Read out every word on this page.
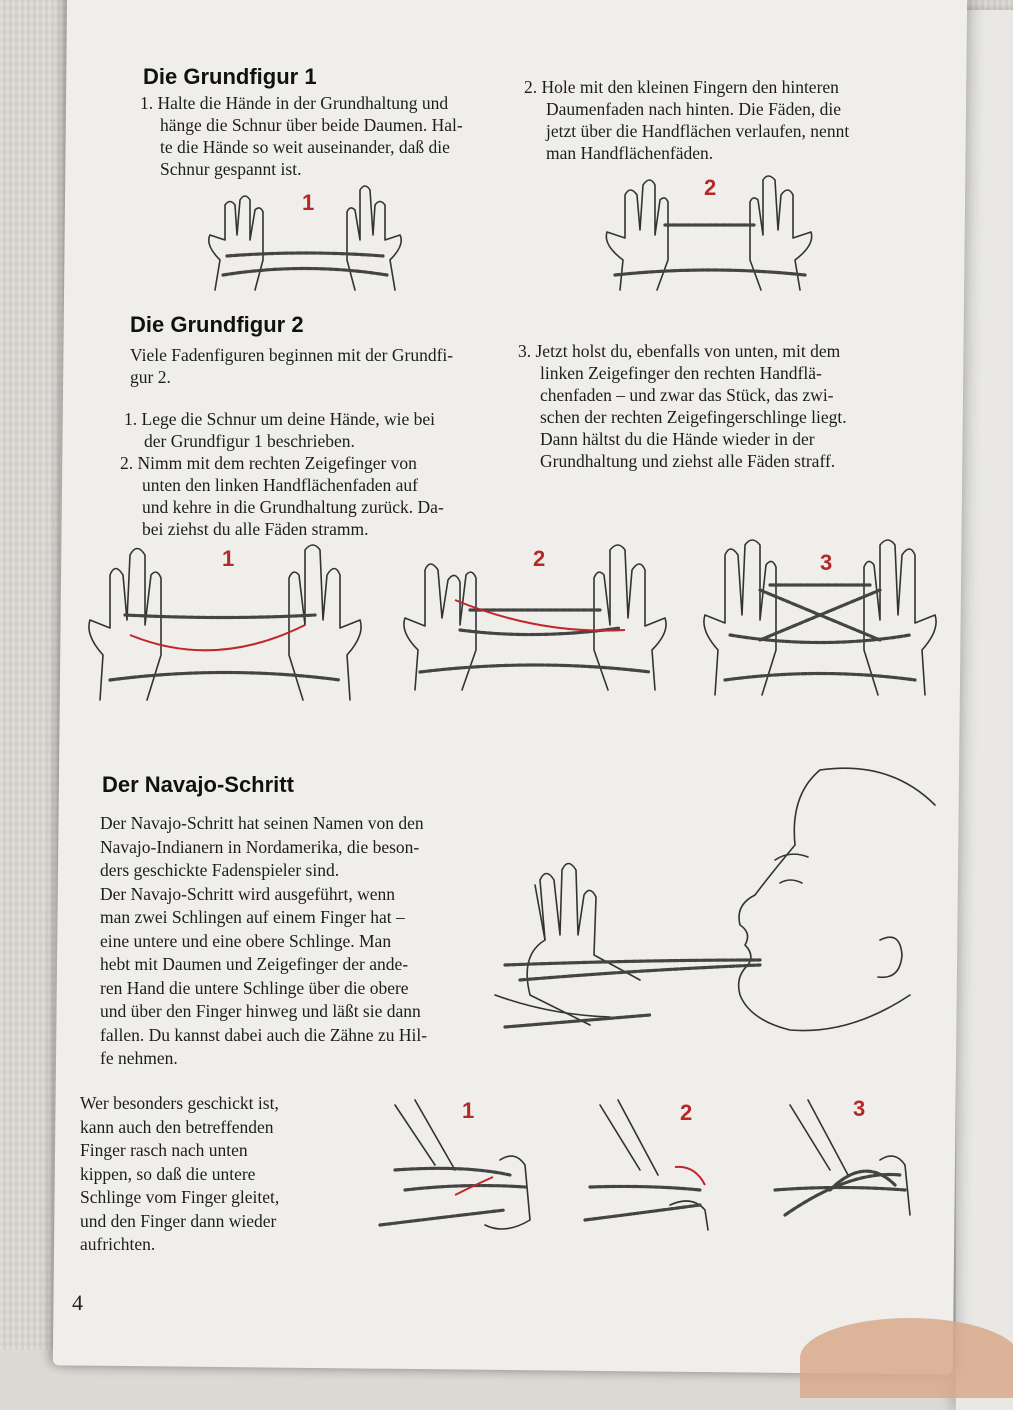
Die Grundfigur 1
1. Halte die Hände in der Grundhaltung und
hänge die Schnur über beide Daumen. Hal-
te die Hände so weit auseinander, daß die
Schnur gespannt ist.
2. Hole mit den kleinen Fingern den hinteren
Daumenfaden nach hinten. Die Fäden, die
jetzt über die Handflächen verlaufen, nennt
man Handflächenfäden.
1
2
Die Grundfigur 2
Viele Fadenfiguren beginnen mit der Grundfi-
gur 2.
1. Lege die Schnur um deine Hände, wie bei
der Grundfigur 1 beschrieben.
2. Nimm mit dem rechten Zeigefinger von
unten den linken Handflächenfaden auf
und kehre in die Grundhaltung zurück. Da-
bei ziehst du alle Fäden stramm.
3. Jetzt holst du, ebenfalls von unten, mit dem
linken Zeigefinger den rechten Handflä-
chenfaden – und zwar das Stück, das zwi-
schen der rechten Zeigefingerschlinge liegt.
Dann hältst du die Hände wieder in der
Grundhaltung und ziehst alle Fäden straff.
1	2	3
Der Navajo-Schritt
Der Navajo-Schritt hat seinen Namen von den
Navajo-Indianern in Nordamerika, die beson-
ders geschickte Fadenspieler sind.
Der Navajo-Schritt wird ausgeführt, wenn
man zwei Schlingen auf einem Finger hat –
eine untere und eine obere Schlinge. Man
hebt mit Daumen und Zeigefinger der ande-
ren Hand die untere Schlinge über die obere
und über den Finger hinweg und läßt sie dann
fallen. Du kannst dabei auch die Zähne zu Hil-
fe nehmen.
Wer besonders geschickt ist,
kann auch den betreffenden
Finger rasch nach unten
kippen, so daß die untere
Schlinge vom Finger gleitet,
und den Finger dann wieder
aufrichten.
1	2	3
4
